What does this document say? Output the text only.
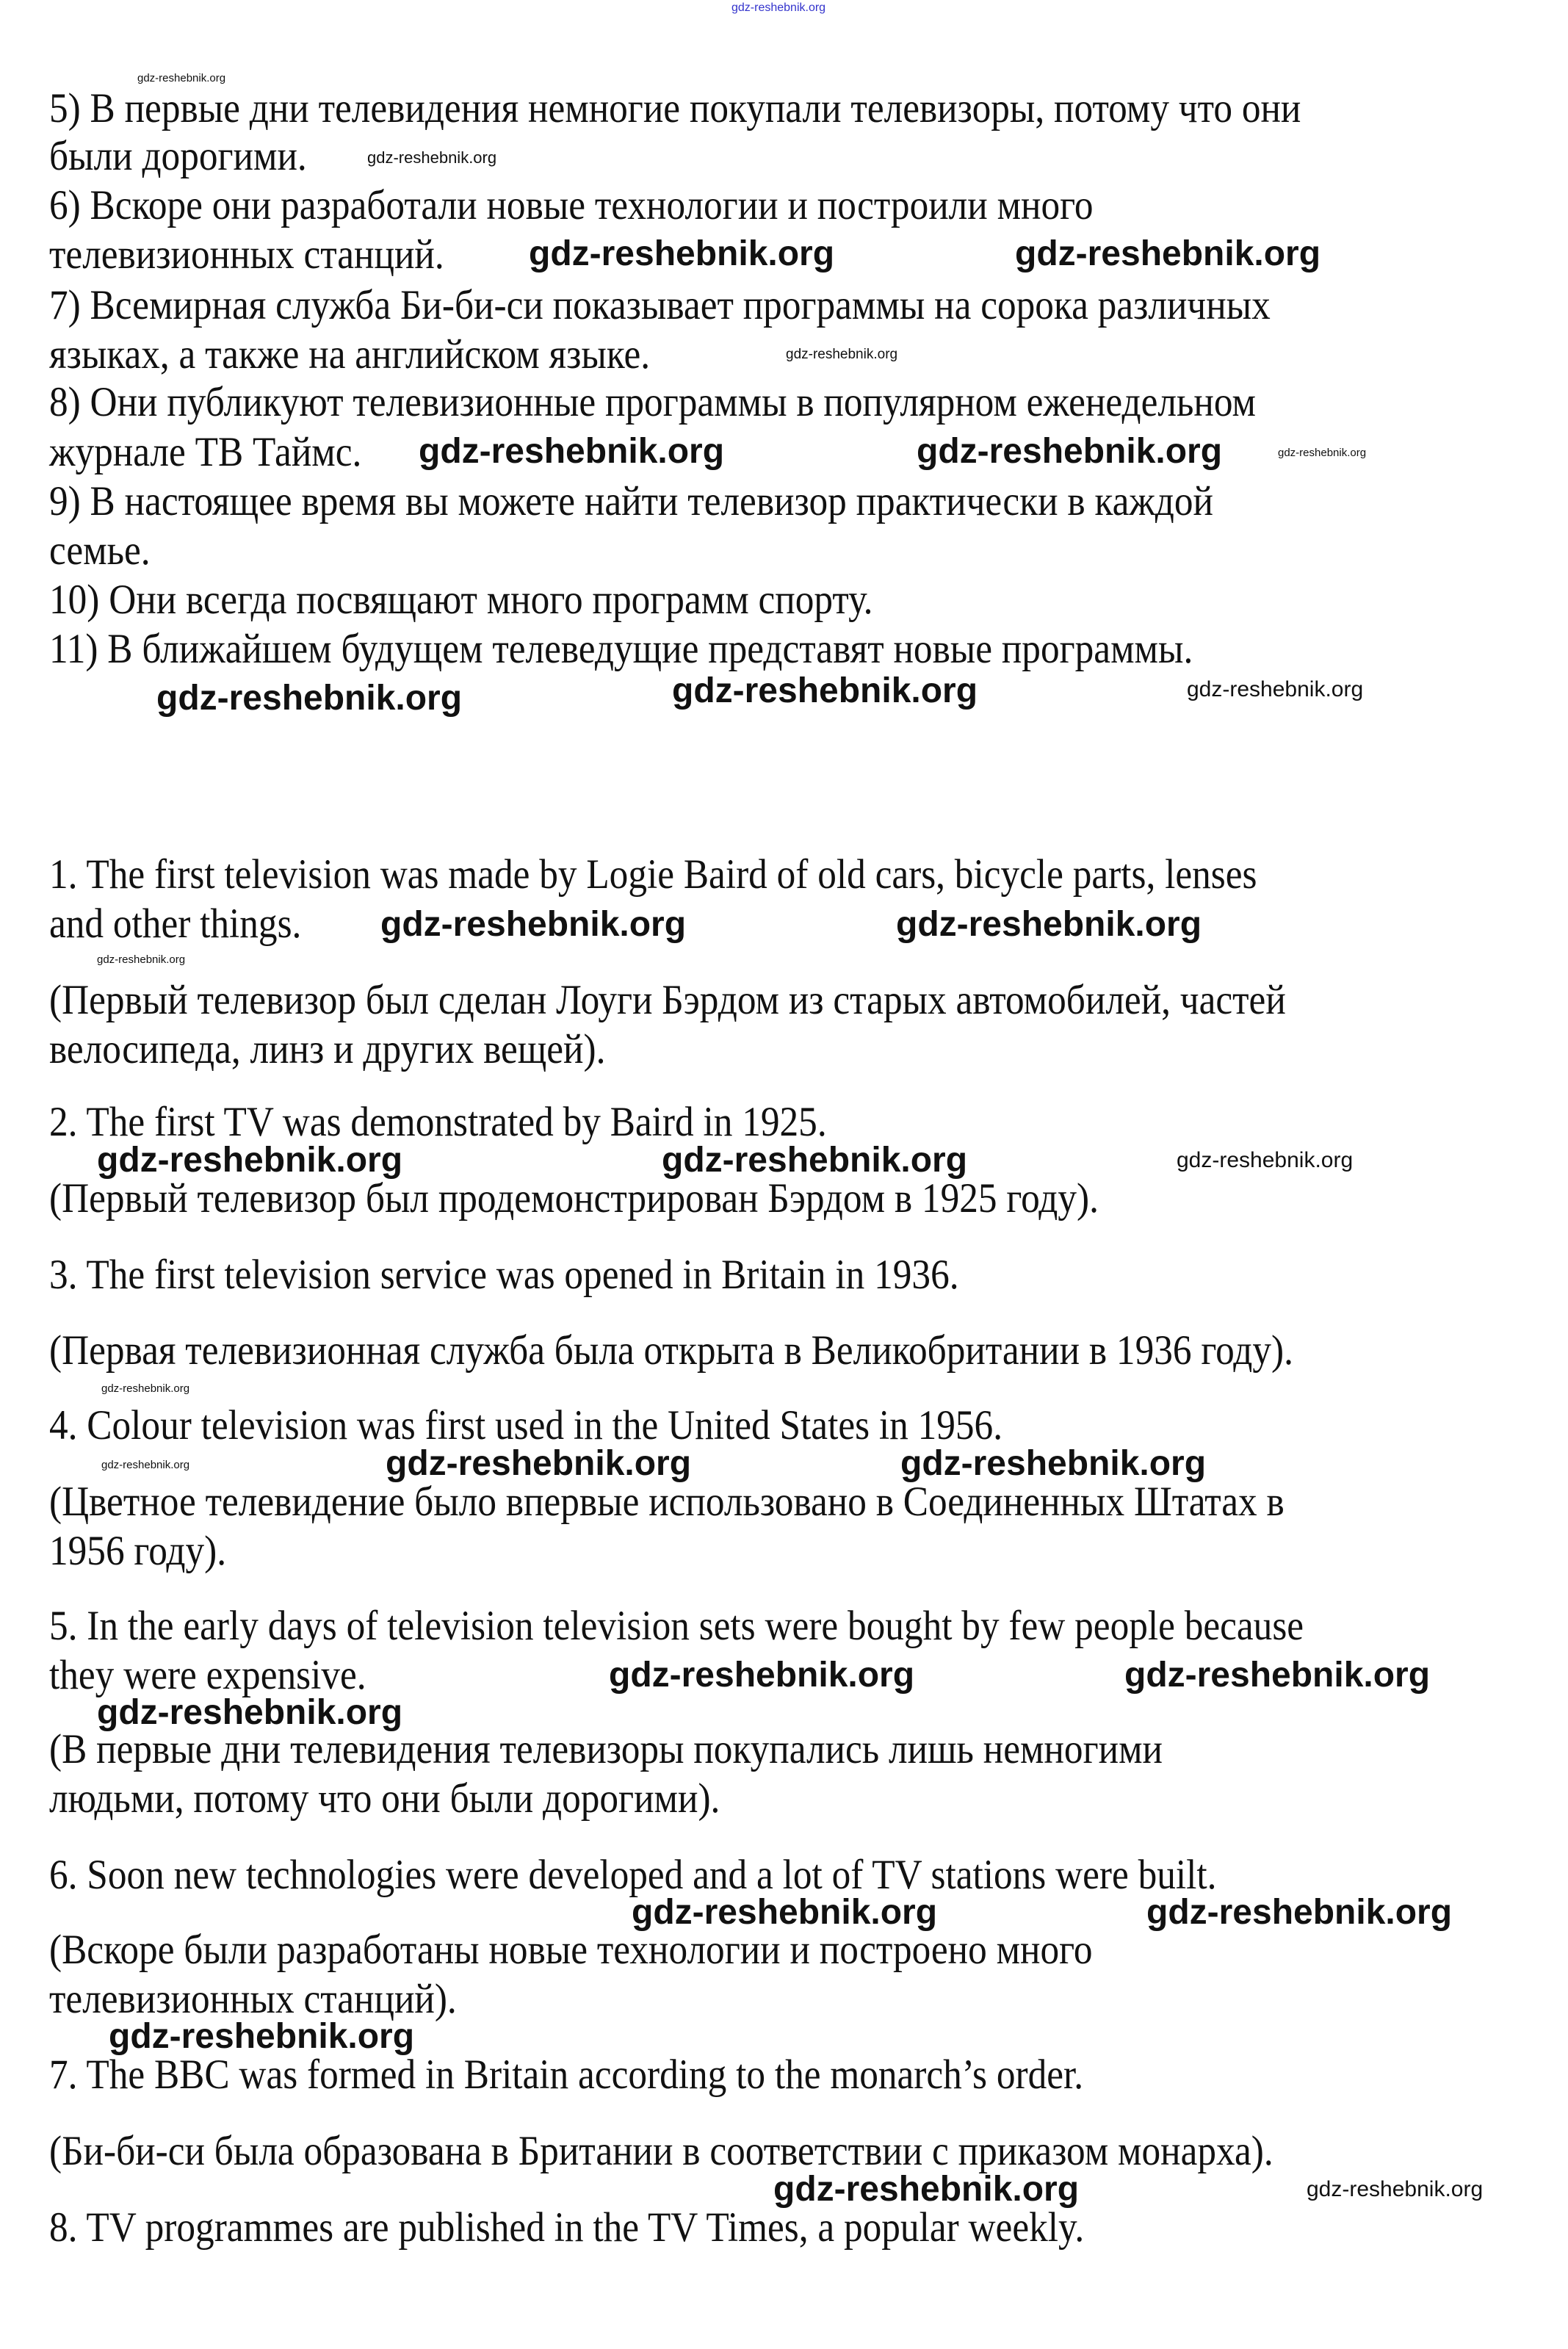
gdz-reshebnik.org
5) В первые дни телевидения немногие покупали телевизоры, потому что они
были дорогими.
6) Вскоре они разработали новые технологии и построили много
телевизионных станций.
7) Всемирная служба Би-би-си показывает программы на сорока различных
языках, а также на английском языке.
8) Они публикуют телевизионные программы в популярном еженедельном
журнале ТВ Таймс.
9) В настоящее время вы можете найти телевизор практически в каждой
семье.
10) Они всегда посвящают много программ спорту.
11) В ближайшем будущем телеведущие представят новые программы.
1. The first television was made by Logie Baird of old cars, bicycle parts, lenses
and other things.
(Первый телевизор был сделан Лоуги Бэрдом из старых автомобилей, частей
велосипеда, линз и других вещей).
2. The first TV was demonstrated by Baird in 1925.
(Первый телевизор был продемонстрирован Бэрдом в 1925 году).
3. The first television service was opened in Britain in 1936.
(Первая телевизионная служба была открыта в Великобритании в 1936 году).
4. Colour television was first used in the United States in 1956.
(Цветное телевидение было впервые использовано в Соединенных Штатах в
1956 году).
5. In the early days of television television sets were bought by few people because
they were expensive.
(В первые дни телевидения телевизоры покупались лишь немногими
людьми, потому что они были дорогими).
6. Soon new technologies were developed and a lot of TV stations were built.
(Вскоре были разработаны новые технологии и построено много
телевизионных станций).
7. The BBC was formed in Britain according to the monarch’s order.
(Би-би-си была образована в Британии в соответствии с приказом монарха).
8. TV programmes are published in the TV Times, a popular weekly.
gdz-reshebnik.org	gdz-reshebnik.org
gdz-reshebnik.org	gdz-reshebnik.org
gdz-reshebnik.org	gdz-reshebnik.org
gdz-reshebnik.org	gdz-reshebnik.org
gdz-reshebnik.org	gdz-reshebnik.org
gdz-reshebnik.org	gdz-reshebnik.org
gdz-reshebnik.org
gdz-reshebnik.org	gdz-reshebnik.org
gdz-reshebnik.org	gdz-reshebnik.org
gdz-reshebnik.org
gdz-reshebnik.org
gdz-reshebnik.org
gdz-reshebnik.org
gdz-reshebnik.org
gdz-reshebnik.org
gdz-reshebnik.org
gdz-reshebnik.org
gdz-reshebnik.org
gdz-reshebnik.org
gdz-reshebnik.org
gdz-reshebnik.org
